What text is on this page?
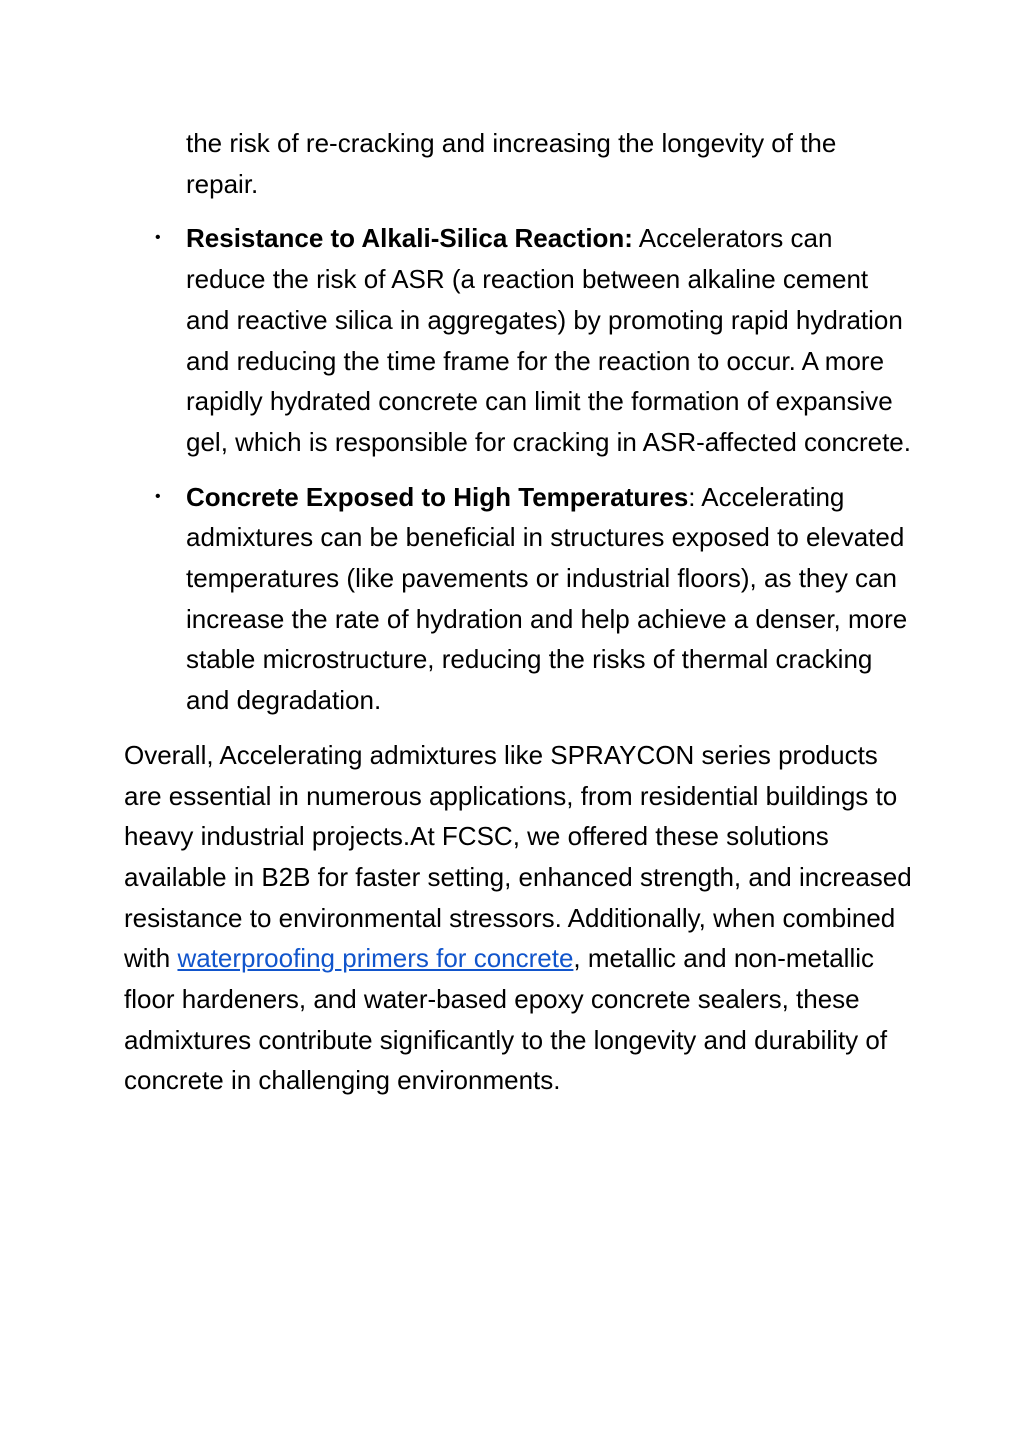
the risk of re-cracking and increasing the longevity of the repair.

• Resistance to Alkali-Silica Reaction: Accelerators can reduce the risk of ASR (a reaction between alkaline cement and reactive silica in aggregates) by promoting rapid hydration and reducing the time frame for the reaction to occur. A more rapidly hydrated concrete can limit the formation of expansive gel, which is responsible for cracking in ASR-affected concrete.
• Concrete Exposed to High Temperatures: Accelerating admixtures can be beneficial in structures exposed to elevated temperatures (like pavements or industrial floors), as they can increase the rate of hydration and help achieve a denser, more stable microstructure, reducing the risks of thermal cracking and degradation.

Overall, Accelerating admixtures like SPRAYCON series products are essential in numerous applications, from residential buildings to heavy industrial projects.At FCSC, we offered these solutions available in B2B for faster setting, enhanced strength, and increased resistance to environmental stressors. Additionally, when combined with waterproofing primers for concrete, metallic and non-metallic floor hardeners, and water-based epoxy concrete sealers, these admixtures contribute significantly to the longevity and durability of concrete in challenging environments.
